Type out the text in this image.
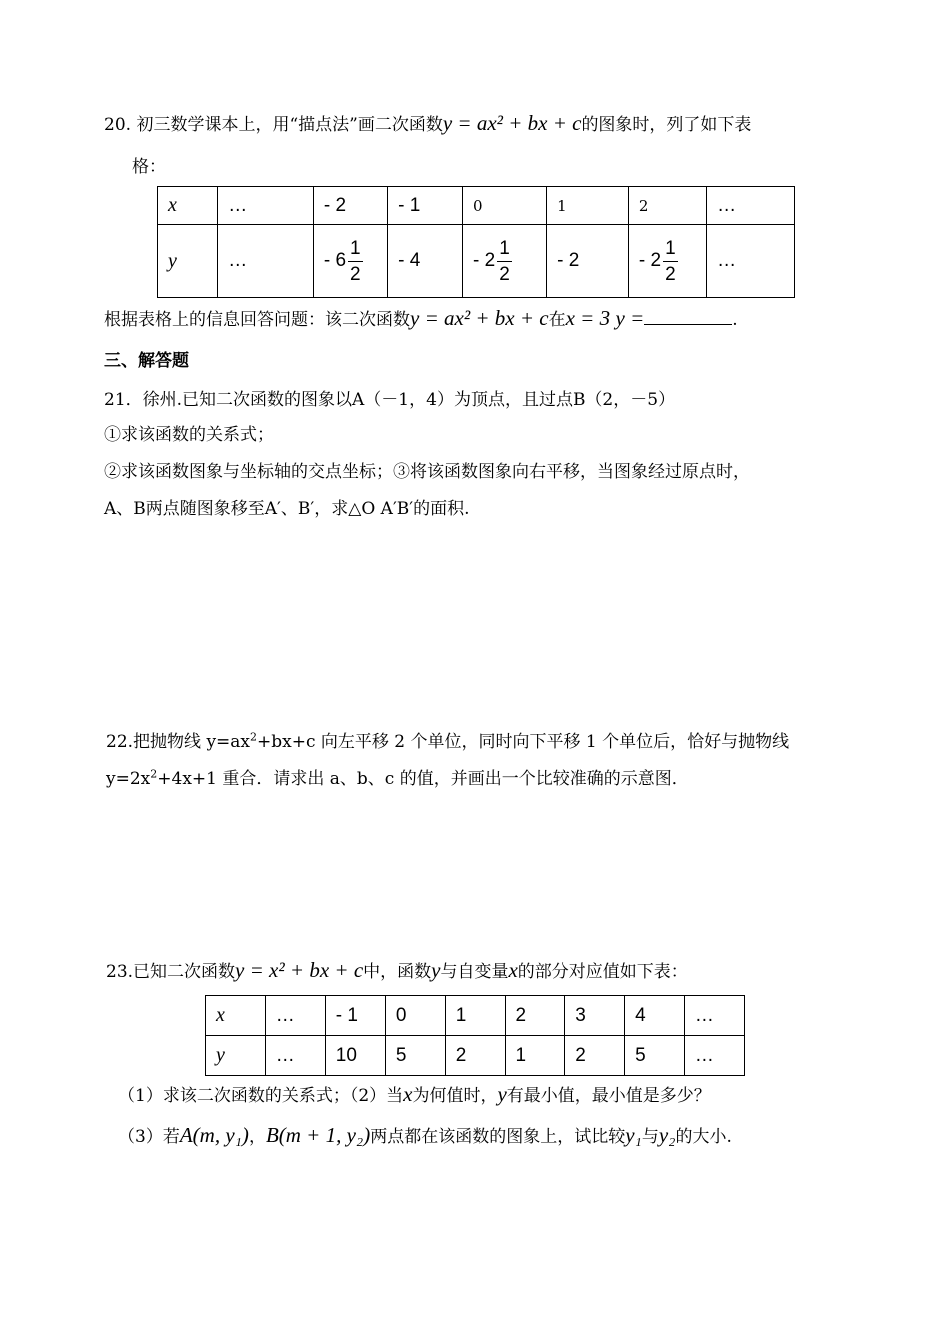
20. 初三数学课本上，用“描点法”画二次函数y = ax² + bx + c的图象时，列了如下表
格：
x	…	- 2	- 1	0	1	2	…
y	…	- $6 \frac{1}{2}$	- 4	- $2 \frac{1}{2}$	- 2	- $2 \frac{1}{2}$	…
根据表格上的信息回答问题：该二次函数y = ax² + bx + c在x = 3 y =	.
三、解答题
21．徐州.已知二次函数的图象以A（－1，4）为顶点，且过点B（2，－5）
①求该函数的关系式；
②求该函数图象与坐标轴的交点坐标；③将该函数图象向右平移，当图象经过原点时，
A、B两点随图象移至A′、B′，求△O A′B′的面积.
22.把抛物线 $y=ax^2+bx+c$ 向左平移 2 个单位，同时向下平移 1 个单位后，恰好与抛物线
$y=2x^2+4x+1$ 重合．请求出 a、b、c 的值，并画出一个比较准确的示意图．
23.已知二次函数y = x² + bx + c中，函数y与自变量x的部分对应值如下表：
x	…	- 1	0	1	2	3	4	…
y	…	10	5	2	1	2	5	…
（1）求该二次函数的关系式；（2）当x为何值时，y有最小值，最小值是多少？
（3）若A(m, y₁)，B(m + 1, y₂)两点都在该函数的图象上，试比较y₁与y₂的大小.
